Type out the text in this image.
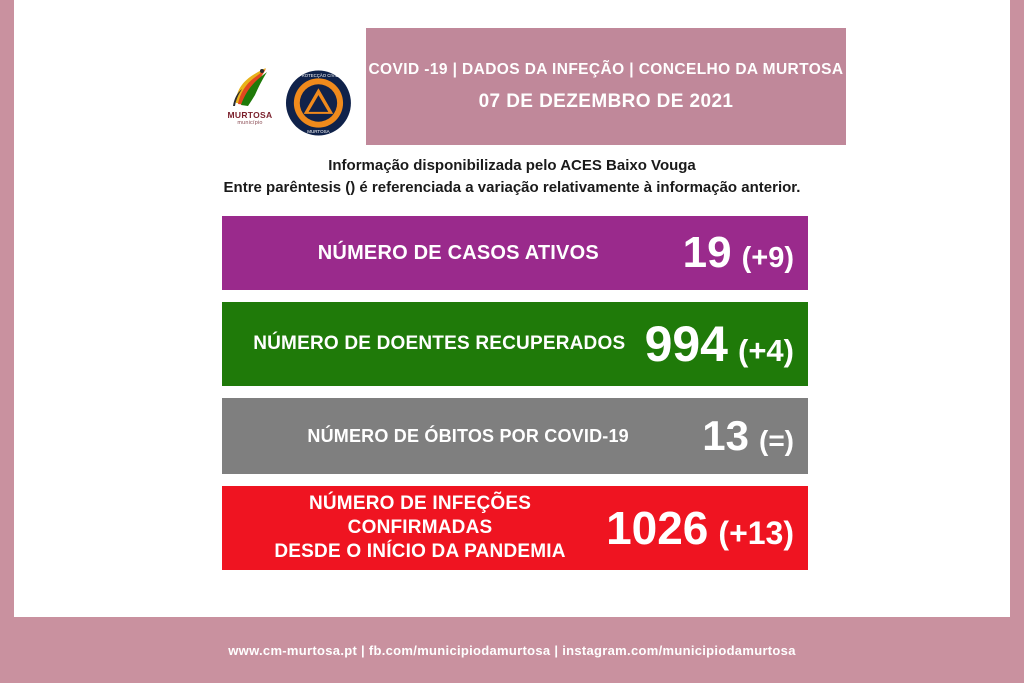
MURTOSA
município
PROTECÇÃO CIVIL
MURTOSA
COVID -19 | DADOS DA INFEÇÃO | CONCELHO DA MURTOSA
07 DE DEZEMBRO DE 2021
Informação disponibilizada pelo ACES Baixo Vouga
Entre parêntesis () é referenciada a variação relativamente à informação anterior.
NÚMERO DE CASOS ATIVOS	19 (+9)
NÚMERO DE DOENTES RECUPERADOS 994 (+4)
NÚMERO DE ÓBITOS POR COVID-19	13 (=)
NÚMERO DE INFEÇÕES CONFIRMADAS
DESDE O INÍCIO DA PANDEMIA 1026 (+13)
www.cm-murtosa.pt | fb.com/municipiodamurtosa | instagram.com/municipiodamurtosa
